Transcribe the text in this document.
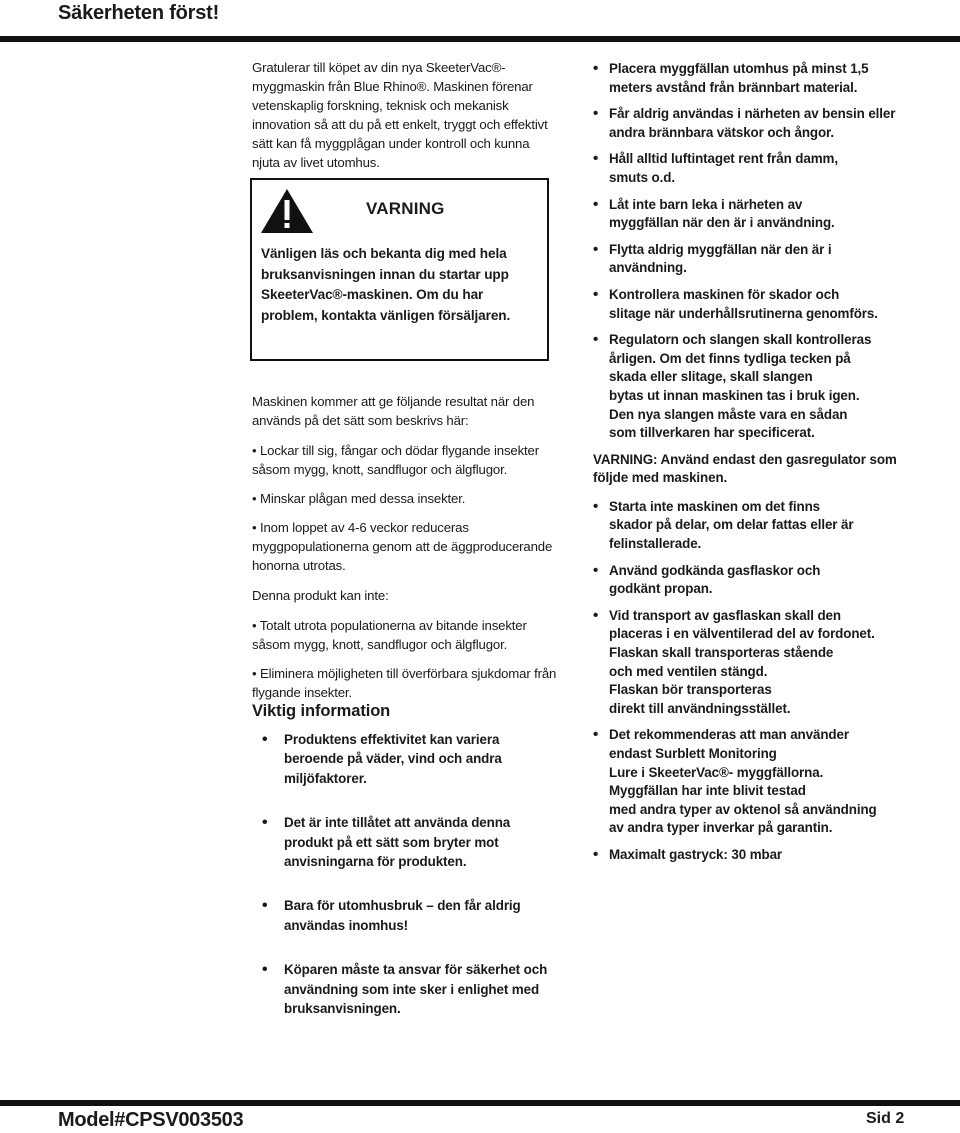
Säkerheten först!

Gratulerar till köpet av din nya SkeeterVac®-myggmaskin från Blue Rhino®. Maskinen förenar vetenskaplig forskning, teknisk och mekanisk innovation så att du på ett enkelt, tryggt och effektivt sätt kan få myggplågan under kontroll och kunna njuta av livet utomhus.

VARNING
Vänligen läs och bekanta dig med hela bruksanvisningen innan du startar upp SkeeterVac®-maskinen. Om du har problem, kontakta vänligen försäljaren.

Maskinen kommer att ge följande resultat när den används på det sätt som beskrivs här:

• Lockar till sig, fångar och dödar flygande insekter såsom mygg, knott, sandflugor och älgflugor.

• Minskar plågan med dessa insekter.

• Inom loppet av 4-6 veckor reduceras myggpopulationerna genom att de äggproducerande honorna utrotas.

Denna produkt kan inte:

• Totalt utrota populationerna av bitande insekter såsom mygg, knott, sandflugor och älgflugor.

• Eliminera möjligheten till överförbara sjukdomar från flygande insekter.

Viktig information
• Produktens effektivitet kan variera beroende på väder, vind och andra miljöfaktorer.
• Det är inte tillåtet att använda denna produkt på ett sätt som bryter mot anvisningarna för produkten.
• Bara för utomhusbruk – den får aldrig användas inomhus!
• Köparen måste ta ansvar för säkerhet och användning som inte sker i enlighet med bruksanvisningen.
• Placera myggfällan utomhus på minst 1,5 meters avstånd från brännbart material.
• Får aldrig användas i närheten av bensin eller andra brännbara vätskor och ångor.
• Håll alltid luftintaget rent från damm,
smuts o.d.
• Låt inte barn leka i närheten av
myggfällan när den är i användning.
• Flytta aldrig myggfällan när den är i
användning.
• Kontrollera maskinen för skador och
slitage när underhållsrutinerna genomförs.
• Regulatorn och slangen skall kontrolleras
årligen. Om det finns tydliga tecken på
skada eller slitage, skall slangen
bytas ut innan maskinen tas i bruk igen.
Den nya slangen måste vara en sådan
som tillverkaren har specificerat.

VARNING: Använd endast den gasregulator som följde med maskinen.

• Starta inte maskinen om det finns
skador på delar, om delar fattas eller är
felinstallerade.
• Använd godkända gasflaskor och
godkänt propan.
• Vid transport av gasflaskan skall den
placeras i en välventilerad del av fordonet.
Flaskan skall transporteras stående
och med ventilen stängd.
Flaskan bör transporteras
direkt till användningsstället.
• Det rekommenderas att man använder
endast Surblett Monitoring
Lure i SkeeterVac®- myggfällorna.
Myggfällan har inte blivit testad
med andra typer av oktenol så användning
av andra typer inverkar på garantin.
• Maximalt gastryck: 30 mbar
Model#CPSV003503	Sid 2
